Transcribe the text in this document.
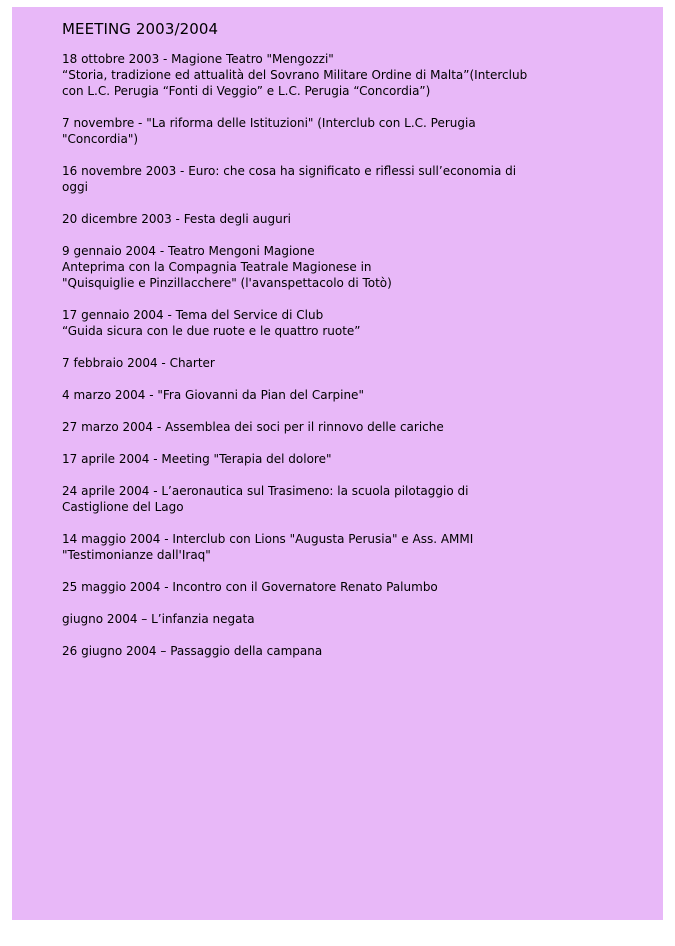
MEETING 2003/2004
18 ottobre 2003 - Magione Teatro "Mengozzi"
“Storia, tradizione ed attualità del Sovrano Militare Ordine di Malta”(Interclub
con L.C. Perugia “Fonti di Veggio” e L.C. Perugia “Concordia”)
7 novembre - "La riforma delle Istituzioni" (Interclub con L.C. Perugia
"Concordia")
16 novembre 2003 - Euro: che cosa ha significato e riflessi sull’economia di
oggi
20 dicembre 2003 - Festa degli auguri
9 gennaio 2004 - Teatro Mengoni Magione
Anteprima con la Compagnia Teatrale Magionese in
"Quisquiglie e Pinzillacchere" (l'avanspettacolo di Totò)
17 gennaio 2004 - Tema del Service di Club
“Guida sicura con le due ruote e le quattro ruote”
7 febbraio 2004 - Charter
4 marzo 2004 - "Fra Giovanni da Pian del Carpine"
27 marzo 2004 - Assemblea dei soci per il rinnovo delle cariche
17 aprile 2004 - Meeting "Terapia del dolore"
24 aprile 2004 - L’aeronautica sul Trasimeno: la scuola pilotaggio di
Castiglione del Lago
14 maggio 2004 - Interclub con Lions "Augusta Perusia" e Ass. AMMI
"Testimonianze dall'Iraq"
25 maggio 2004 - Incontro con il Governatore Renato Palumbo
giugno 2004 – L’infanzia negata
26 giugno 2004 – Passaggio della campana
